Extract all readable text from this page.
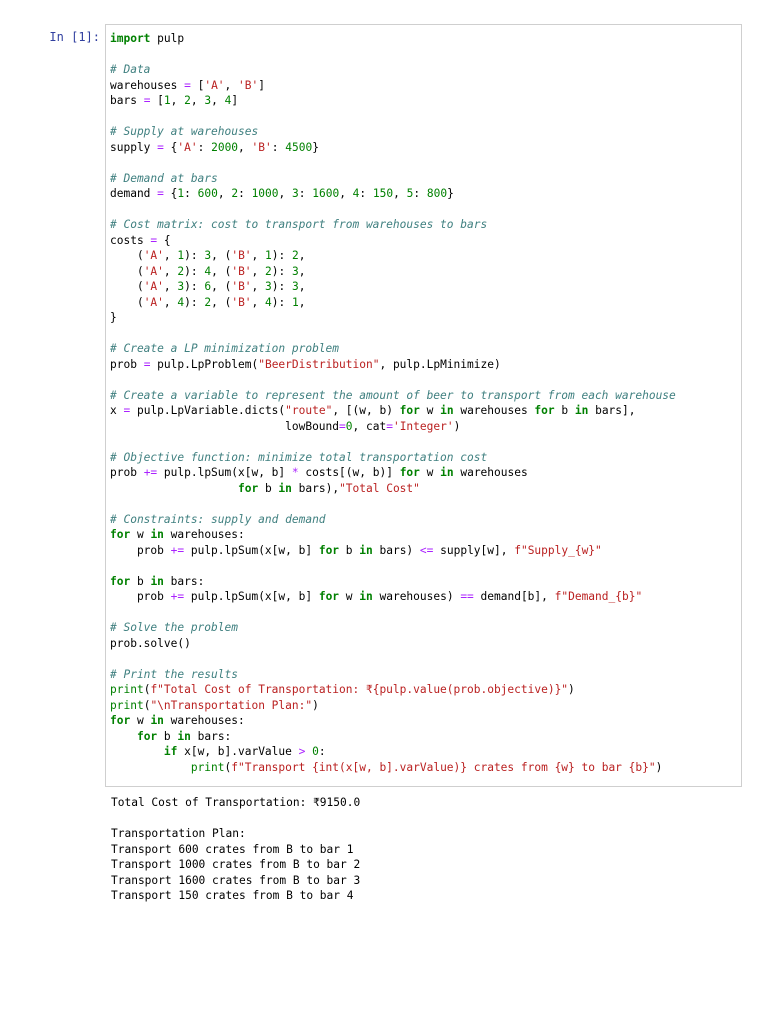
In [1]: import pulp
# Data
warehouses = ['A', 'B']
bars = [1, 2, 3, 4]
# Supply at warehouses
supply = {'A': 2000, 'B': 4500}
# Demand at bars
demand = {1: 600, 2: 1000, 3: 1600, 4: 150, 5: 800}
# Cost matrix: cost to transport from warehouses to bars
costs = {
('A', 1): 3, ('B', 1): 2,
('A', 2): 4, ('B', 2): 3,
('A', 3): 6, ('B', 3): 3,
('A', 4): 2, ('B', 4): 1,
}
# Create a LP minimization problem
prob = pulp.LpProblem("BeerDistribution", pulp.LpMinimize)
# Create a variable to represent the amount of beer to transport from each warehouse
x = pulp.LpVariable.dicts("route", [(w, b) for w in warehouses for b in bars],
lowBound=0, cat='Integer')
# Objective function: minimize total transportation cost
prob += pulp.lpSum(x[w, b] * costs[(w, b)] for w in warehouses
for b in bars),"Total Cost"
# Constraints: supply and demand
for w in warehouses:
prob += pulp.lpSum(x[w, b] for b in bars) <= supply[w], f"Supply_{w}"
for b in bars:
prob += pulp.lpSum(x[w, b] for w in warehouses) == demand[b], f"Demand_{b}"
# Solve the problem
prob.solve()
# Print the results
print(f"Total Cost of Transportation: ₹{pulp.value(prob.objective)}")
print("\nTransportation Plan:")
for w in warehouses:
for b in bars:
if x[w, b].varValue > 0:
print(f"Transport {int(x[w, b].varValue)} crates from {w} to bar {b}")
Total Cost of Transportation: ₹9150.0
Transportation Plan:
Transport 600 crates from B to bar 1
Transport 1000 crates from B to bar 2
Transport 1600 crates from B to bar 3
Transport 150 crates from B to bar 4
